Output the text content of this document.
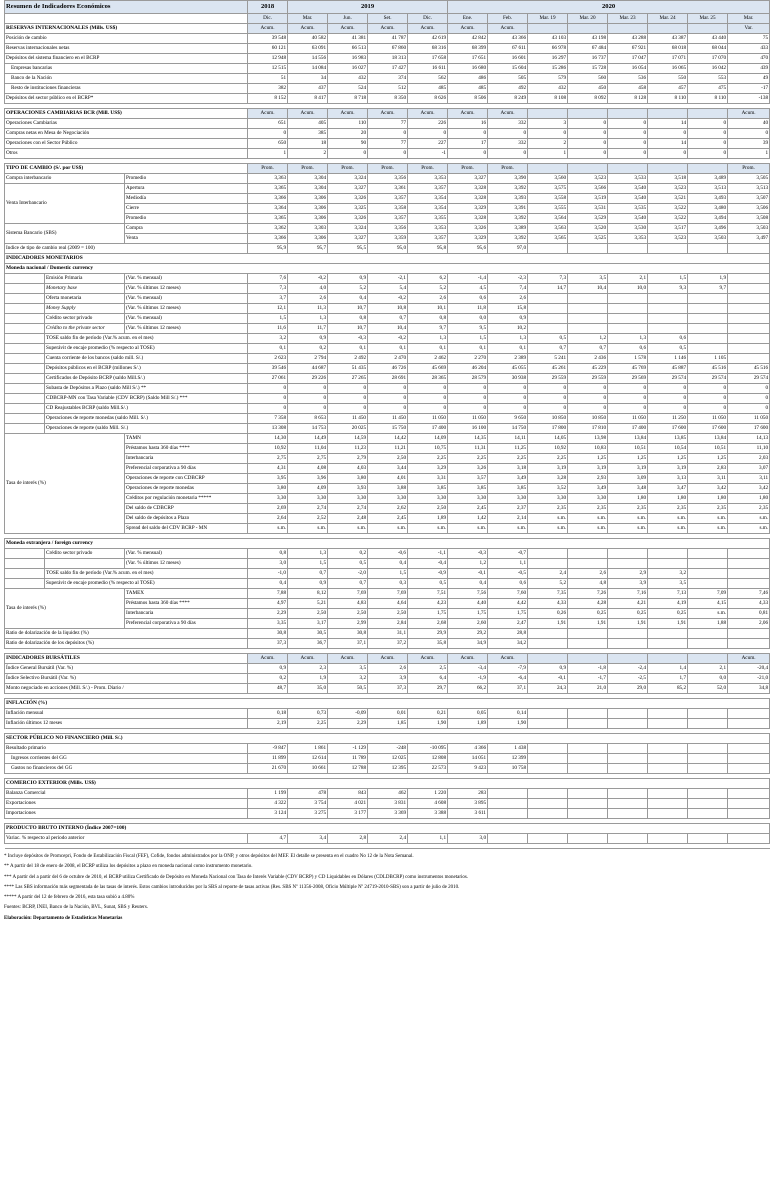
Resumen de Indicadores Económicos			2018	2019				2020							
			Dic.	Mar.	Jun.	Set.	Dic.	Ene.	Feb.	Mar. 19	Mar. 20	Mar. 23	Mar. 24	Mar. 25	Mar.
RESERVAS INTERNACIONALES (Mills. US$)			Acum.	Acum.	Acum.	Acum.	Acum.	Acum.	Acum.						Var.
Posición de cambio			39 548	40 582	41 381	41 787	42 619	42 842	43 366	43 103	43 198	43 288	43 387	43 440	75
Reservas internacionales netas			60 121	63 091	66 513	67 860	68 316	68 399	67 611	66 978	67 484	67 921	68 018	68 044	433
Depósitos del sistema financiero en el BCRP			12 948	14 556	16 983	18 313	17 658	17 651	16 601	16 297	16 737	17 047	17 071	17 070	470
Empresas bancarias			12 515	14 084	16 027	17 427	16 611	16 680	15 604	15 286	15 728	16 054	16 065	16 042	439
Banco de la Nación			51	34	432	374	562	486	505	579	560	536	550	553	49
Resto de instituciones financieras			382	437	524	512	485	485	492	432	450	458	457	475	-17
Depósitos del sector público en el BCRP*			8 152	8 417	8 718	8 350	8 626	8 506	8 249	8 108	8 092	8 128	8 110	8 110	-138

OPERACIONES CAMBIARIAS BCR (Mill. US$)			Acum.	Acum.	Acum.	Acum.	Acum.	Acum.	Acum.						Acum.
Operaciones Cambiarias			651	405	110	77	226	16	332	3	0	0	14	0	40
Compras netas en Mesa de Negociación			0	385	20	0	0	0	0	0	0	0	0	0	0
Operaciones con el Sector Público			650	18	90	77	227	17	332	2	0	0	14	0	39
Otros			1	2	0	0	-1	0	0	1	0	0	0	0	1

TIPO DE CAMBIO (S/. por US$)			Prom.	Prom.	Prom.	Prom.	Prom.	Prom.	Prom.						Prom.
Compra interbancario		Promedio	3,363	3,304	3,324	3,356	3,353	3,327	3,390	3,560	3,523	3,533	3,518	3,489	3,505
Venta Interbancario		Apertura	3,365	3,304	3,327	3,361	3,357	3,328	3,392	3,575	3,566	3,540	3,523	3,513	3,513
		Mediodía	3,366	3,306	3,326	3,357	3,354	3,328	3,393	3,558	3,519	3,540	3,521	3,493	3,507
		Cierre	3,364	3,306	3,325	3,358	3,354	3,329	3,391	3,555	3,531	3,535	3,522	3,480	3,506
		Promedio	3,365	3,306	3,326	3,357	3,355	3,328	3,392	3,564	3,529	3,540	3,522	3,494	3,508
Sistema Bancario (SBS)		Compra	3,362	3,303	3,324	3,356	3,353	3,326	3,389	3,563	3,520	3,530	3,517	3,496	3,503
		Venta	3,366	3,306	3,327	3,359	3,357	3,329	3,392	3,565	3,525	3,353	3,523	3,503	3,497
Indice de tipo de cambio real (2009 = 100)			95,9	95,7	95,5	95,0	95,8	95,6	97,0						
INDICADORES MONETARIOS															
Moneda nacional / Domestic currency															
	Emisión Primaria	(Var. % mensual)	7,6	-0,2	0,9	-2,1	6,2	-1,4	-2,3	7,3	3,5	2,1	1,5	1,9	
	Monetary base	(Var. % últimos 12 meses)	7,3	4,0	5,2	5,4	5,2	4,5	7,4	14,7	10,4	10,0	9,3	9,7	
	Oferta monetaria	(Var. % mensual)	3,7	2,6	0,4	-0,2	2,6	0,6	2,6						
	Money Supply	(Var. % últimos 12 meses)	12,1	11,3	10,7	10,8	10,1	11,8	15,8						
	Crédito sector privado	(Var. % mensual)	1,5	1,3	0,8	0,7	0,8	0,0	0,9						
	Crédito to the private sector	(Var. % últimos 12 meses)	11,6	11,7	10,7	10,4	9,7	9,5	10,2						
	TOSE saldo fin de período (Var.% acum. en el mes)		3,2	0,9	-0,3	-0,2	1,3	1,5	1,3	0,5	1,2	1,3	0,6		
	Superávit de encaje promedio (% respecto al TOSE)		0,1	0,2	0,1	0,1	0,1	0,1	0,1	0,7	0,7	0,6	0,5		
	Cuenta corriente de los bancos (saldo mill. S/.)		2 623	2 794	2 492	2 470	2 462	2 270	2 389	5 241	2 436	1 578	1 146	1 105	
	Depósitos públicos en el BCRP (millones S/.)		39 546	44 687	51 435	46 726	45 669	46 204	45 055	45 261	45 229	45 769	45 887	45 516	45 516
	Certificados de Depósito BCRP (saldo Mill.S/.)		27 061	29 226	27 265	28 691	28 365	28 579	30 938	29 559	29 559	29 569	29 574	29 574	29 574
	Subasta de Depósitos a Plazo (saldo Mill S/.) **		0	0	0	0	0	0	0	0	0	0	0	0	0
	CDBCRP-MN con Tasa Variable (CDV BCRP) (Saldo Mill S/.) ***		0	0	0	0	0	0	0	0	0	0	0	0	0
	CD Reajustables BCRP (saldo Mill.S/.)		0	0	0	0	0	0	0	0	0	0	0	0	0
	Operaciones de reporte monedas (saldo Mill. S/.)		7 358	8 653	11 450	11 450	11 050	11 050	9 650	10 850	10 850	11 050	11 250	11 050	11 050
	Operaciones de reporte (saldo Mill. S/.)		13 308	14 753	20 025	15 750	17 400	16 100	14 750	17 800	17 810	17 400	17 600	17 600	17 600
Tasa de interés (%)		TAMN	14,30	14,49	14,59	14,42	14,09	14,35	14,11	14,05	13,98	13,84	13,85	13,84	14,13
		Préstamos hasta 360 días ****	10,92	11,04	11,23	11,21	10,75	11,31	11,25	10,92	10,83	10,51	10,54	10,51	11,10
		Interbancaria	2,75	2,75	2,79	2,50	2,25	2,25	2,25	2,25	1,25	1,25	1,25	1,25	2,03
		Preferencial corporativa a 90 días	4,31	4,08	4,03	3,44	3,29	3,26	3,18	3,19	3,19	3,19	3,19	2,83	3,07
		Operaciones de reporte con CDBCRP	3,95	3,96	3,80	4,01	3,31	3,57	3,49	3,28	2,93	3,09	3,13	3,11	3,11
		Operaciones de reporte monedas	3,80	4,09	3,93	3,88	3,85	3,85	3,85	3,52	3,49	3,48	3,47	3,42	3,42
		Créditos por regulación monetaria *****	3,30	3,30	3,30	3,30	3,30	3,30	3,30	3,30	3,30	1,80	1,80	1,80	1,80
		Del saldo de CDBCRP	2,69	2,74	2,74	2,62	2,50	2,45	2,37	2,35	2,35	2,35	2,35	2,35	2,35
		Del saldo de depósitos a Plazo	2,64	2,52	2,48	2,45	1,89	1,42	2,14	s.m.	s.m.	s.m.	s.m.	s.m.	s.m.
		Spread del saldo del CDV BCRP - MN	s.m.	s.m.	s.m.	s.m.	s.m.	s.m.	s.m.	s.m.	s.m.	s.m.	s.m.	s.m.	s.m.

Moneda extranjera / foreign currency															
	Crédito sector privado	(Var. % mensual)	0,8	1,3	0,2	-0,6	-1,1	-0,3	-0,7						
		(Var. % últimos 12 meses)	3,0	1,5	0,5	0,4	-0,4	1,2	1,1						
	TOSE saldo fin de período (Var.% acum. en el mes)		-1,0	0,7	-2,0	1,5	-0,9	-0,1	-0,5	2,4	2,6	2,9	3,2		
	Superávit de encaje promedio (% respecto al TOSE)		0,4	0,9	0,7	0,3	0,5	0,4	0,6	5,2	4,8	3,9	3,5		
Tasa de interés (%)		TAMEX	7,88	8,12	7,69	7,69	7,51	7,56	7,60	7,35	7,26	7,16	7,13	7,09	7,46
		Préstamos hasta 360 días ****	4,97	5,21	4,83	4,64	4,23	4,40	4,42	4,33	4,28	4,21	4,19	4,15	4,33
		Interbancaria	2,29	2,50	2,50	2,50	1,75	1,75	1,75	0,26	0,25	0,25	0,25	s.m.	0,81
		Preferencial corporativa a 90 días	3,35	3,17	2,99	2,84	2,68	2,60	2,47	1,91	1,91	1,91	1,91	1,88	2,06
Ratio de dolarización de la liquidez (%)			30,8	30,5	30,8	31,1	29,9	29,2	28,8						
Ratio de dolarización de los depósitos (%)			37,3	36,7	37,1	37,2	35,8	34,9	34,2						

INDICADORES BURSÁTILES			Acum.	Acum.	Acum.	Acum.	Acum.	Acum.	Acum.						Acum.
Índice General Bursátil (Var. %)			0,9	2,3	3,5	2,6	2,5	-3,4	-7,9	0,9	-1,8	-2,4	1,4	2,1	-20,4
Índice Selectivo Bursátil (Var. %)			0,2	1,9	3,2	3,9	6,4	-1,9	-6,4	-0,1	-1,7	-2,5	1,7	0,0	-21,0
Monto negociado en acciones (Mill. S/.) - Prom. Diario /			48,7	35,0	50,5	37,3	29,7	66,2	37,1	24,3	21,0	29,0	85,2	52,0	34,8

INFLACIÓN (%)															
Inflación mensual			0,18	0,73	-0,09	0,01	0,21	0,05	0,14						
Inflación últimos 12 meses			2,19	2,25	2,29	1,85	1,90	1,89	1,90						

SECTOR PÚBLICO NO FINANCIERO (Mill. S/.)															
Resultado primario			-9 847	1 861	-1 129	-248	-10 095	4 366	1 438						
Ingresos corrientes del GG			11 899	12 614	11 789	12 025	12 808	14 051	12 399						
Gastos no financieros del GG			21 670	10 661	12 788	12 395	22 573	9 423	10 758						

COMERCIO EXTERIOR (Mills. US$)															
Balanza Comercial			1 199	478	843	462	1 220	283							
Exportaciones			4 322	3 754	4 021	3 831	4 608	3 895							
Importaciones			3 124	3 275	3 177	3 369	3 388	3 611							

PRODUCTO BRUTO INTERNO (Índice 2007=100)															
Variac. % respecto al periodo anterior			4,7	3,4	2,8	2,4	1,1	3,0							

* Incluye depósitos de Promcepri, Fondo de Estabilización Fiscal (FEF), Cofide, fondos administrados por la ONP, y otros depósitos del MEF. El detalle se presenta en el cuadro No 12 de la Nota Semanal.
** A partir del 18 de enero de 2008, el BCRP utiliza los depósitos a plazo en moneda nacional como instrumento monetario.
*** A partir del a partir del 6 de octubre de 2010, el BCRP utiliza Certificado de Depósito en Moneda Nacional con Tasa de Interés Variable (CDV BCRP) y CD Liquidables en Dólares (CDLDBCRP) como instrumentos monetarios.
**** Las SBS información más segmentada de las tasas de interés. Estos cambios introducidos por la SBS al reporte de tasas activas (Res. SBS Nº 11356-2008, Oficio Múltiple Nº 24719-2010-SBS) son a partir de julio de 2010.
***** A partir del 12 de febrero de 2016, esta tasa subió a 4.80%
Fuentes: BCRP, INEI, Banco de la Nación, BVL, Sunat, SBS y Reuters.
Elaboración: Departamento de Estadísticas Monetarias
